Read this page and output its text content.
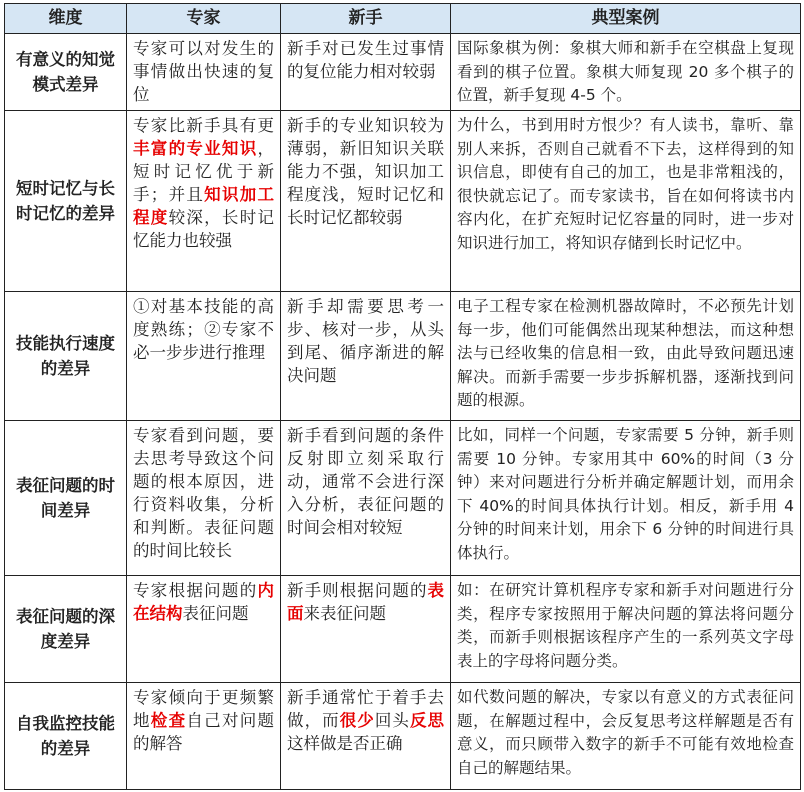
维度	专家	新手	典型案例
有意义的知觉模式差异	专家可以对发生的事情做出快速的复位	新手对已发生过事情的复位能力相对较弱	国际象棋为例：象棋大师和新手在空棋盘上复现看到的棋子位置。象棋大师复现 20 多个棋子的位置，新手复现 4-5 个。
短时记忆与长时记忆的差异	专家比新手具有更丰富的专业知识，短时记忆优于新手；并且知识加工程度较深，长时记忆能力也较强	新手的专业知识较为薄弱，新旧知识关联能力不强，知识加工程度浅，短时记忆和长时记忆都较弱	为什么，书到用时方恨少？有人读书，靠听、靠别人来拆，否则自己就看不下去，这样得到的知识信息，即使有自己的加工，也是非常粗浅的，很快就忘记了。而专家读书，旨在如何将读书内容内化，在扩充短时记忆容量的同时，进一步对知识进行加工，将知识存储到长时记忆中。
技能执行速度的差异	①对基本技能的高度熟练；②专家不必一步步进行推理	新手却需要思考一步、核对一步，从头到尾、循序渐进的解决问题	电子工程专家在检测机器故障时，不必预先计划每一步，他们可能偶然出现某种想法，而这种想法与已经收集的信息相一致，由此导致问题迅速解决。而新手需要一步步拆解机器，逐渐找到问题的根源。
表征问题的时间差异	专家看到问题，要去思考导致这个问题的根本原因，进行资料收集，分析和判断。表征问题的时间比较长	新手看到问题的条件反射即立刻采取行动，通常不会进行深入分析，表征问题的时间会相对较短	比如，同样一个问题，专家需要 5 分钟，新手则需要 10 分钟。专家用其中 60%的时间（3 分钟）来对问题进行分析并确定解题计划，而用余下 40%的时间具体执行计划。相反，新手用 4 分钟的时间来计划，用余下 6 分钟的时间进行具体执行。
表征问题的深度差异	专家根据问题的内在结构表征问题	新手则根据问题的表面来表征问题	如：在研究计算机程序专家和新手对问题进行分类，程序专家按照用于解决问题的算法将问题分类，而新手则根据该程序产生的一系列英文字母表上的字母将问题分类。
自我监控技能的差异	专家倾向于更频繁地检查自己对问题的解答	新手通常忙于着手去做，而很少回头反思这样做是否正确	如代数问题的解决，专家以有意义的方式表征问题，在解题过程中，会反复思考这样解题是否有意义，而只顾带入数字的新手不可能有效地检查自己的解题结果。
